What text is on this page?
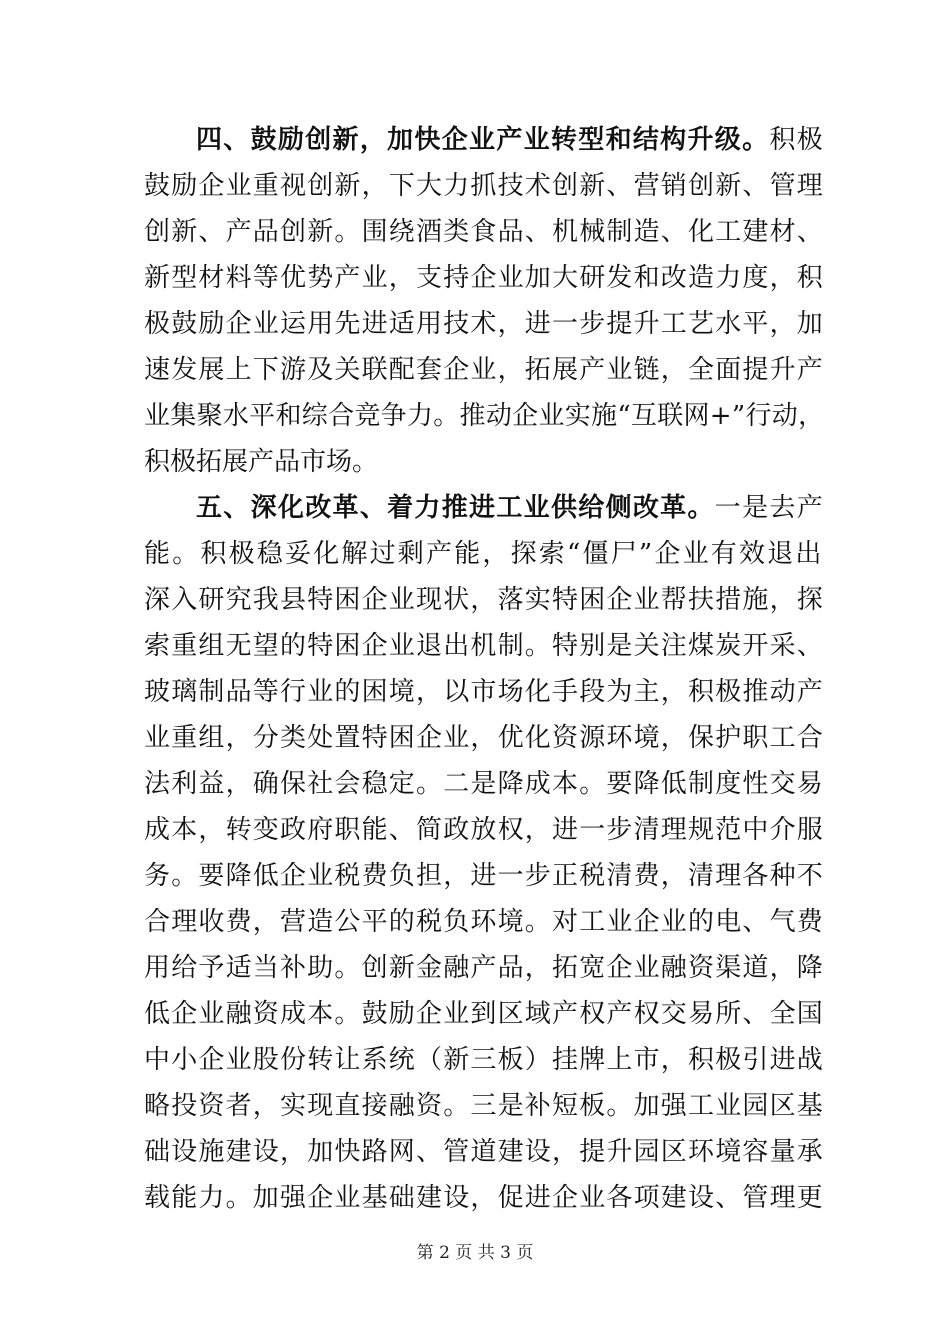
四、鼓励创新，加快企业产业转型和结构升级。积极
鼓励企业重视创新，下大力抓技术创新、营销创新、管理
创新、产品创新。围绕酒类食品、机械制造、化工建材、
新型材料等优势产业，支持企业加大研发和改造力度，积
极鼓励企业运用先进适用技术，进一步提升工艺水平，加
速发展上下游及关联配套企业，拓展产业链，全面提升产
业集聚水平和综合竞争力。推动企业实施“互联网+”行动，
积极拓展产品市场。
五、深化改革、着力推进工业供给侧改革。一是去产
能。积极稳妥化解过剩产能，探索“僵尸”企业有效退出
深入研究我县特困企业现状，落实特困企业帮扶措施，探
索重组无望的特困企业退出机制。特别是关注煤炭开采、
玻璃制品等行业的困境，以市场化手段为主，积极推动产
业重组，分类处置特困企业，优化资源环境，保护职工合
法利益，确保社会稳定。二是降成本。要降低制度性交易
成本，转变政府职能、简政放权，进一步清理规范中介服
务。要降低企业税费负担，进一步正税清费，清理各种不
合理收费，营造公平的税负环境。对工业企业的电、气费
用给予适当补助。创新金融产品，拓宽企业融资渠道，降
低企业融资成本。鼓励企业到区域产权产权交易所、全国
中小企业股份转让系统（新三板）挂牌上市，积极引进战
略投资者，实现直接融资。三是补短板。加强工业园区基
础设施建设，加快路网、管道建设，提升园区环境容量承
载能力。加强企业基础建设，促进企业各项建设、管理更
第 2 页 共 3 页
